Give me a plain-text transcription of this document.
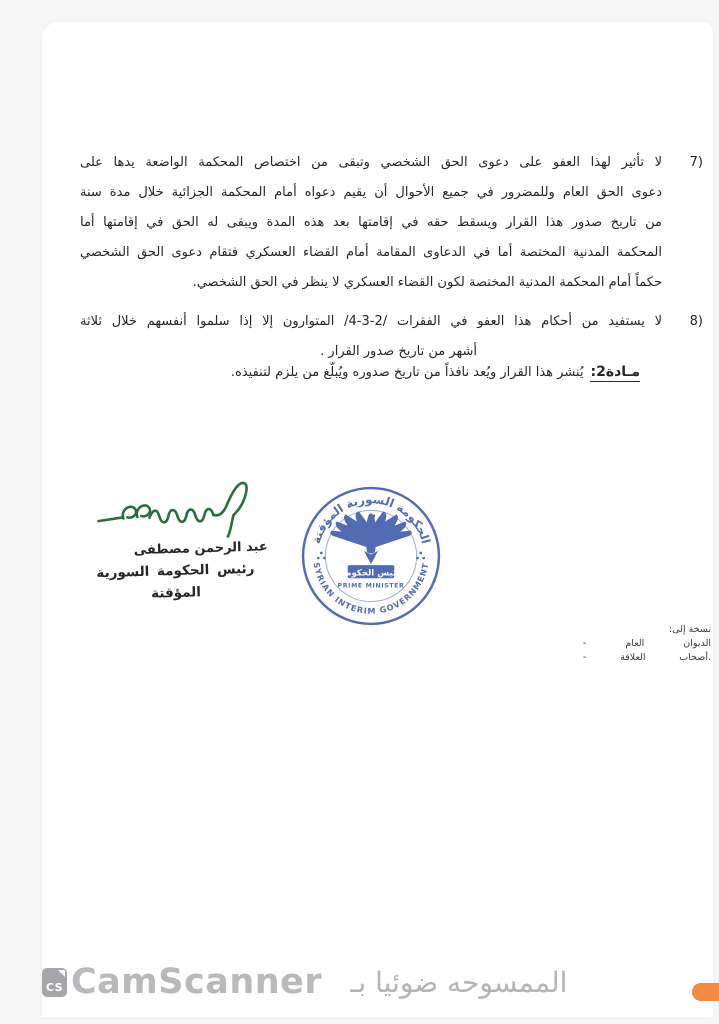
7)
لا تأثير لهذا العفو على دعوى الحق الشخصي وتبقى من اختصاص المحكمة الواضعة يدها على
دعوى الحق العام وللمضرور في جميع الأحوال أن يقيم دعواه أمام المحكمة الجزائية خلال مدة سنة
من تاريخ صدور هذا القرار ويسقط حقه في إقامتها بعد هذه المدة ويبقى له الحق في إقامتها أما
المحكمة المدنية المختصة أما في الدعاوى المقامة أمام القضاء العسكري فتقام دعوى الحق الشخصي
حكماً أمام المحكمة المدنية المختصة لكون القضاء العسكري لا ينظر في الحق الشخصي.
8)
لا يستفيد من أحكام هذا العفو في الفقرات /2-3-4/ المتوارون إلا إذا سلموا أنفسهم خلال ثلاثة
أشهر من تاريخ صدور القرار .
مـادة2:
يُنشر هذا القرار ويُعد نافذاً من تاريخ صدوره ويُبلّغ من يلزم لتنفيذه.
عبد الرحمن مصطفى
رئيس الحكومة السورية المؤقتة
الحكومة السورية المؤقتة
SYRIAN INTERIM GOVERNMENT
رئيس الحكومة
PRIME MINISTER
نسخة إلى:
- الديوان العام
- أصحاب العلاقة.
CS CamScanner الممسوحه ضوئيا بـ
